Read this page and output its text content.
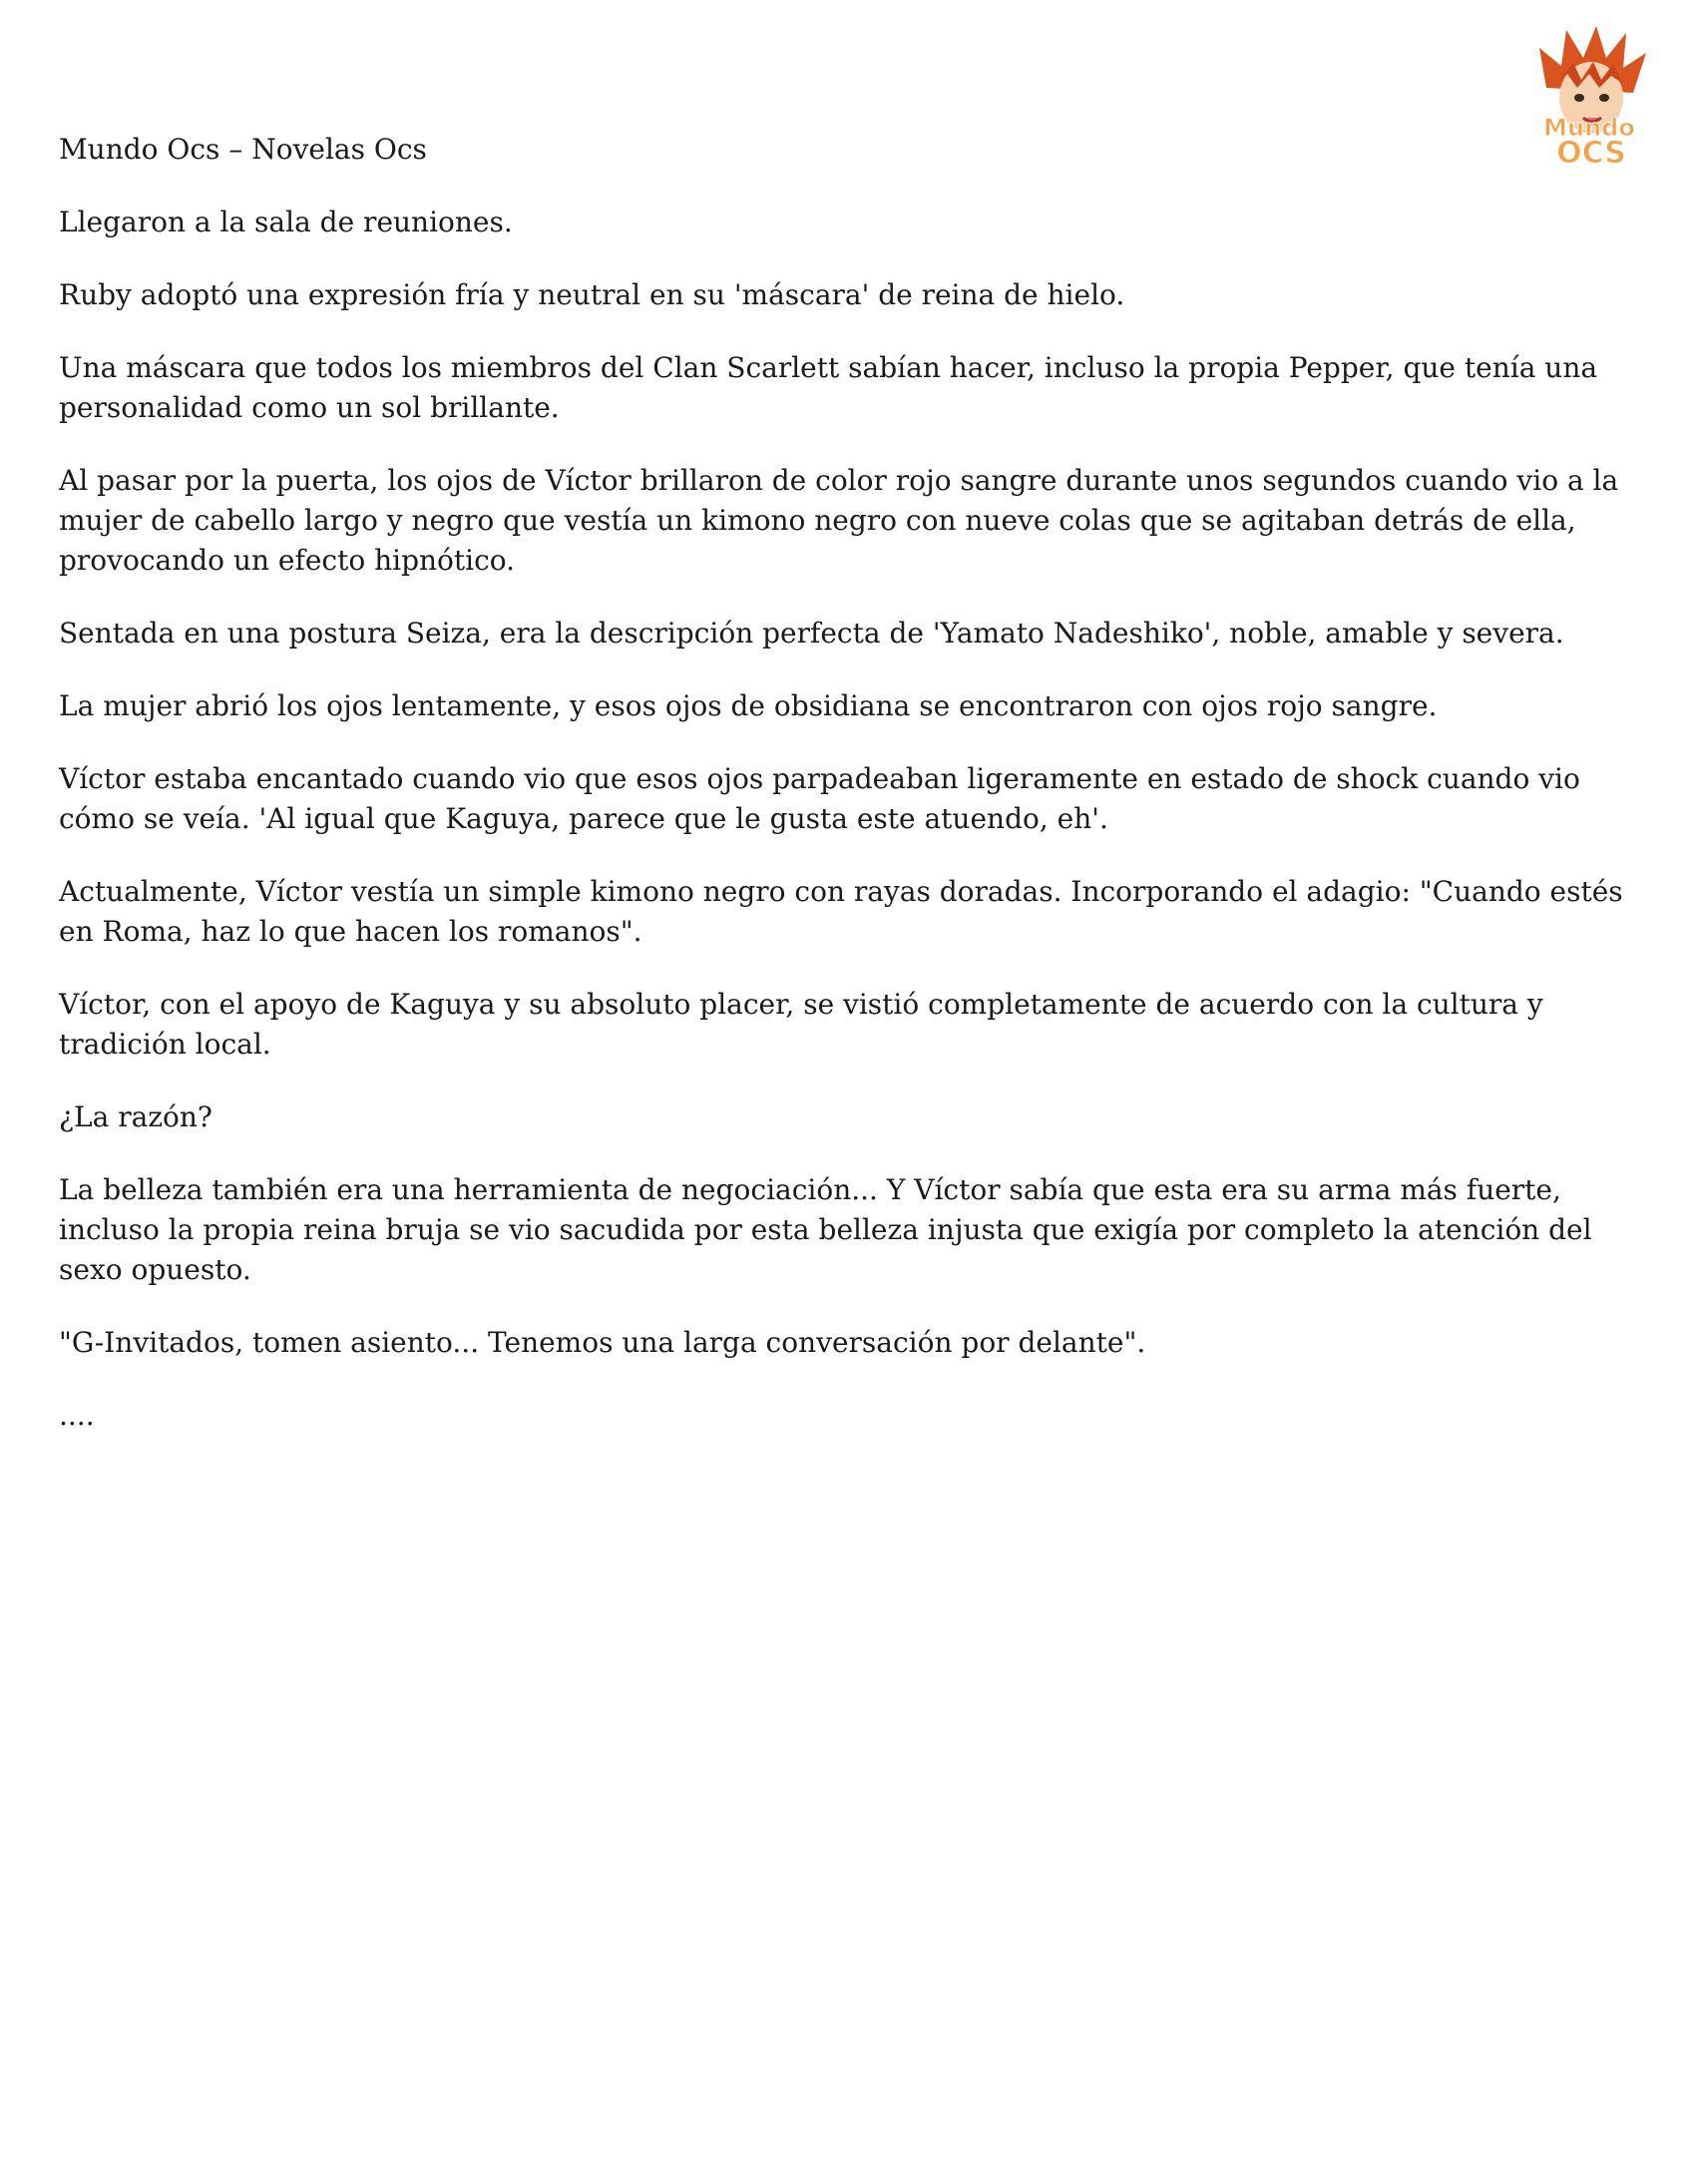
Mundo
OCS

Mundo Ocs – Novelas Ocs

Llegaron a la sala de reuniones.

Ruby adoptó una expresión fría y neutral en su 'máscara' de reina de hielo.

Una máscara que todos los miembros del Clan Scarlett sabían hacer, incluso la propia Pepper, que tenía una personalidad como un sol brillante.

Al pasar por la puerta, los ojos de Víctor brillaron de color rojo sangre durante unos segundos cuando vio a la mujer de cabello largo y negro que vestía un kimono negro con nueve colas que se agitaban detrás de ella, provocando un efecto hipnótico.

Sentada en una postura Seiza, era la descripción perfecta de 'Yamato Nadeshiko', noble, amable y severa.

La mujer abrió los ojos lentamente, y esos ojos de obsidiana se encontraron con ojos rojo sangre.

Víctor estaba encantado cuando vio que esos ojos parpadeaban ligeramente en estado de shock cuando vio cómo se veía. 'Al igual que Kaguya, parece que le gusta este atuendo, eh'.

Actualmente, Víctor vestía un simple kimono negro con rayas doradas. Incorporando el adagio: "Cuando estés en Roma, haz lo que hacen los romanos".

Víctor, con el apoyo de Kaguya y su absoluto placer, se vistió completamente de acuerdo con la cultura y tradición local.

¿La razón?

La belleza también era una herramienta de negociación... Y Víctor sabía que esta era su arma más fuerte, incluso la propia reina bruja se vio sacudida por esta belleza injusta que exigía por completo la atención del sexo opuesto.

"G-Invitados, tomen asiento... Tenemos una larga conversación por delante".

....
